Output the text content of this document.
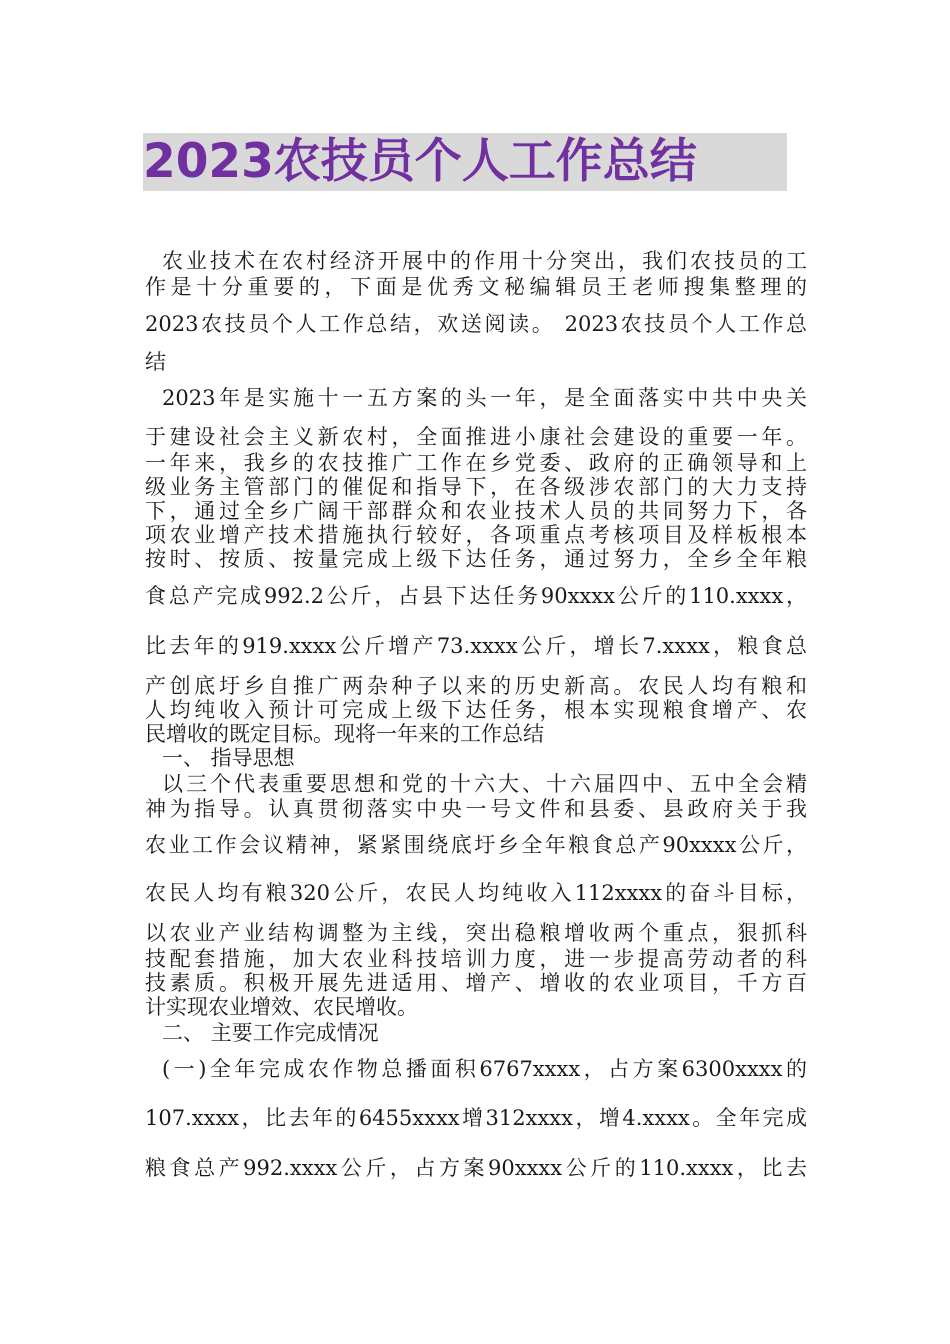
2023农技员个人工作总结
农业技术在农村经济开展中的作用十分突出，我们农技员的工
作是十分重要的，下面是优秀文秘编辑员王老师搜集整理的
2023农技员个人工作总结，欢送阅读。 2023农技员个人工作总
结
2023年是实施十一五方案的头一年，是全面落实中共中央关
于建设社会主义新农村，全面推进小康社会建设的重要一年。
一年来，我乡的农技推广工作在乡党委、政府的正确领导和上
级业务主管部门的催促和指导下，在各级涉农部门的大力支持
下，通过全乡广阔干部群众和农业技术人员的共同努力下，各
项农业增产技术措施执行较好，各项重点考核项目及样板根本
按时、按质、按量完成上级下达任务，通过努力，全乡全年粮
食总产完成992.2公斤，占县下达任务90xxxx公斤的110.xxxx，
比去年的919.xxxx公斤增产73.xxxx公斤，增长7.xxxx，粮食总
产创底圩乡自推广两杂种子以来的历史新高。农民人均有粮和
人均纯收入预计可完成上级下达任务，根本实现粮食增产、农
民增收的既定目标。现将一年来的工作总结
一、 指导思想
以三个代表重要思想和党的十六大、十六届四中、五中全会精
神为指导。认真贯彻落实中央一号文件和县委、县政府关于我
农业工作会议精神，紧紧围绕底圩乡全年粮食总产90xxxx公斤，
农民人均有粮320公斤，农民人均纯收入112xxxx的奋斗目标，
以农业产业结构调整为主线，突出稳粮增收两个重点，狠抓科
技配套措施，加大农业科技培训力度，进一步提高劳动者的科
技素质。积极开展先进适用、增产、增收的农业项目，千方百
计实现农业增效、农民增收。
二、 主要工作完成情况
(一)全年完成农作物总播面积6767xxxx，占方案6300xxxx的
107.xxxx，比去年的6455xxxx增312xxxx，增4.xxxx。全年完成
粮食总产992.xxxx公斤，占方案90xxxx公斤的110.xxxx，比去
